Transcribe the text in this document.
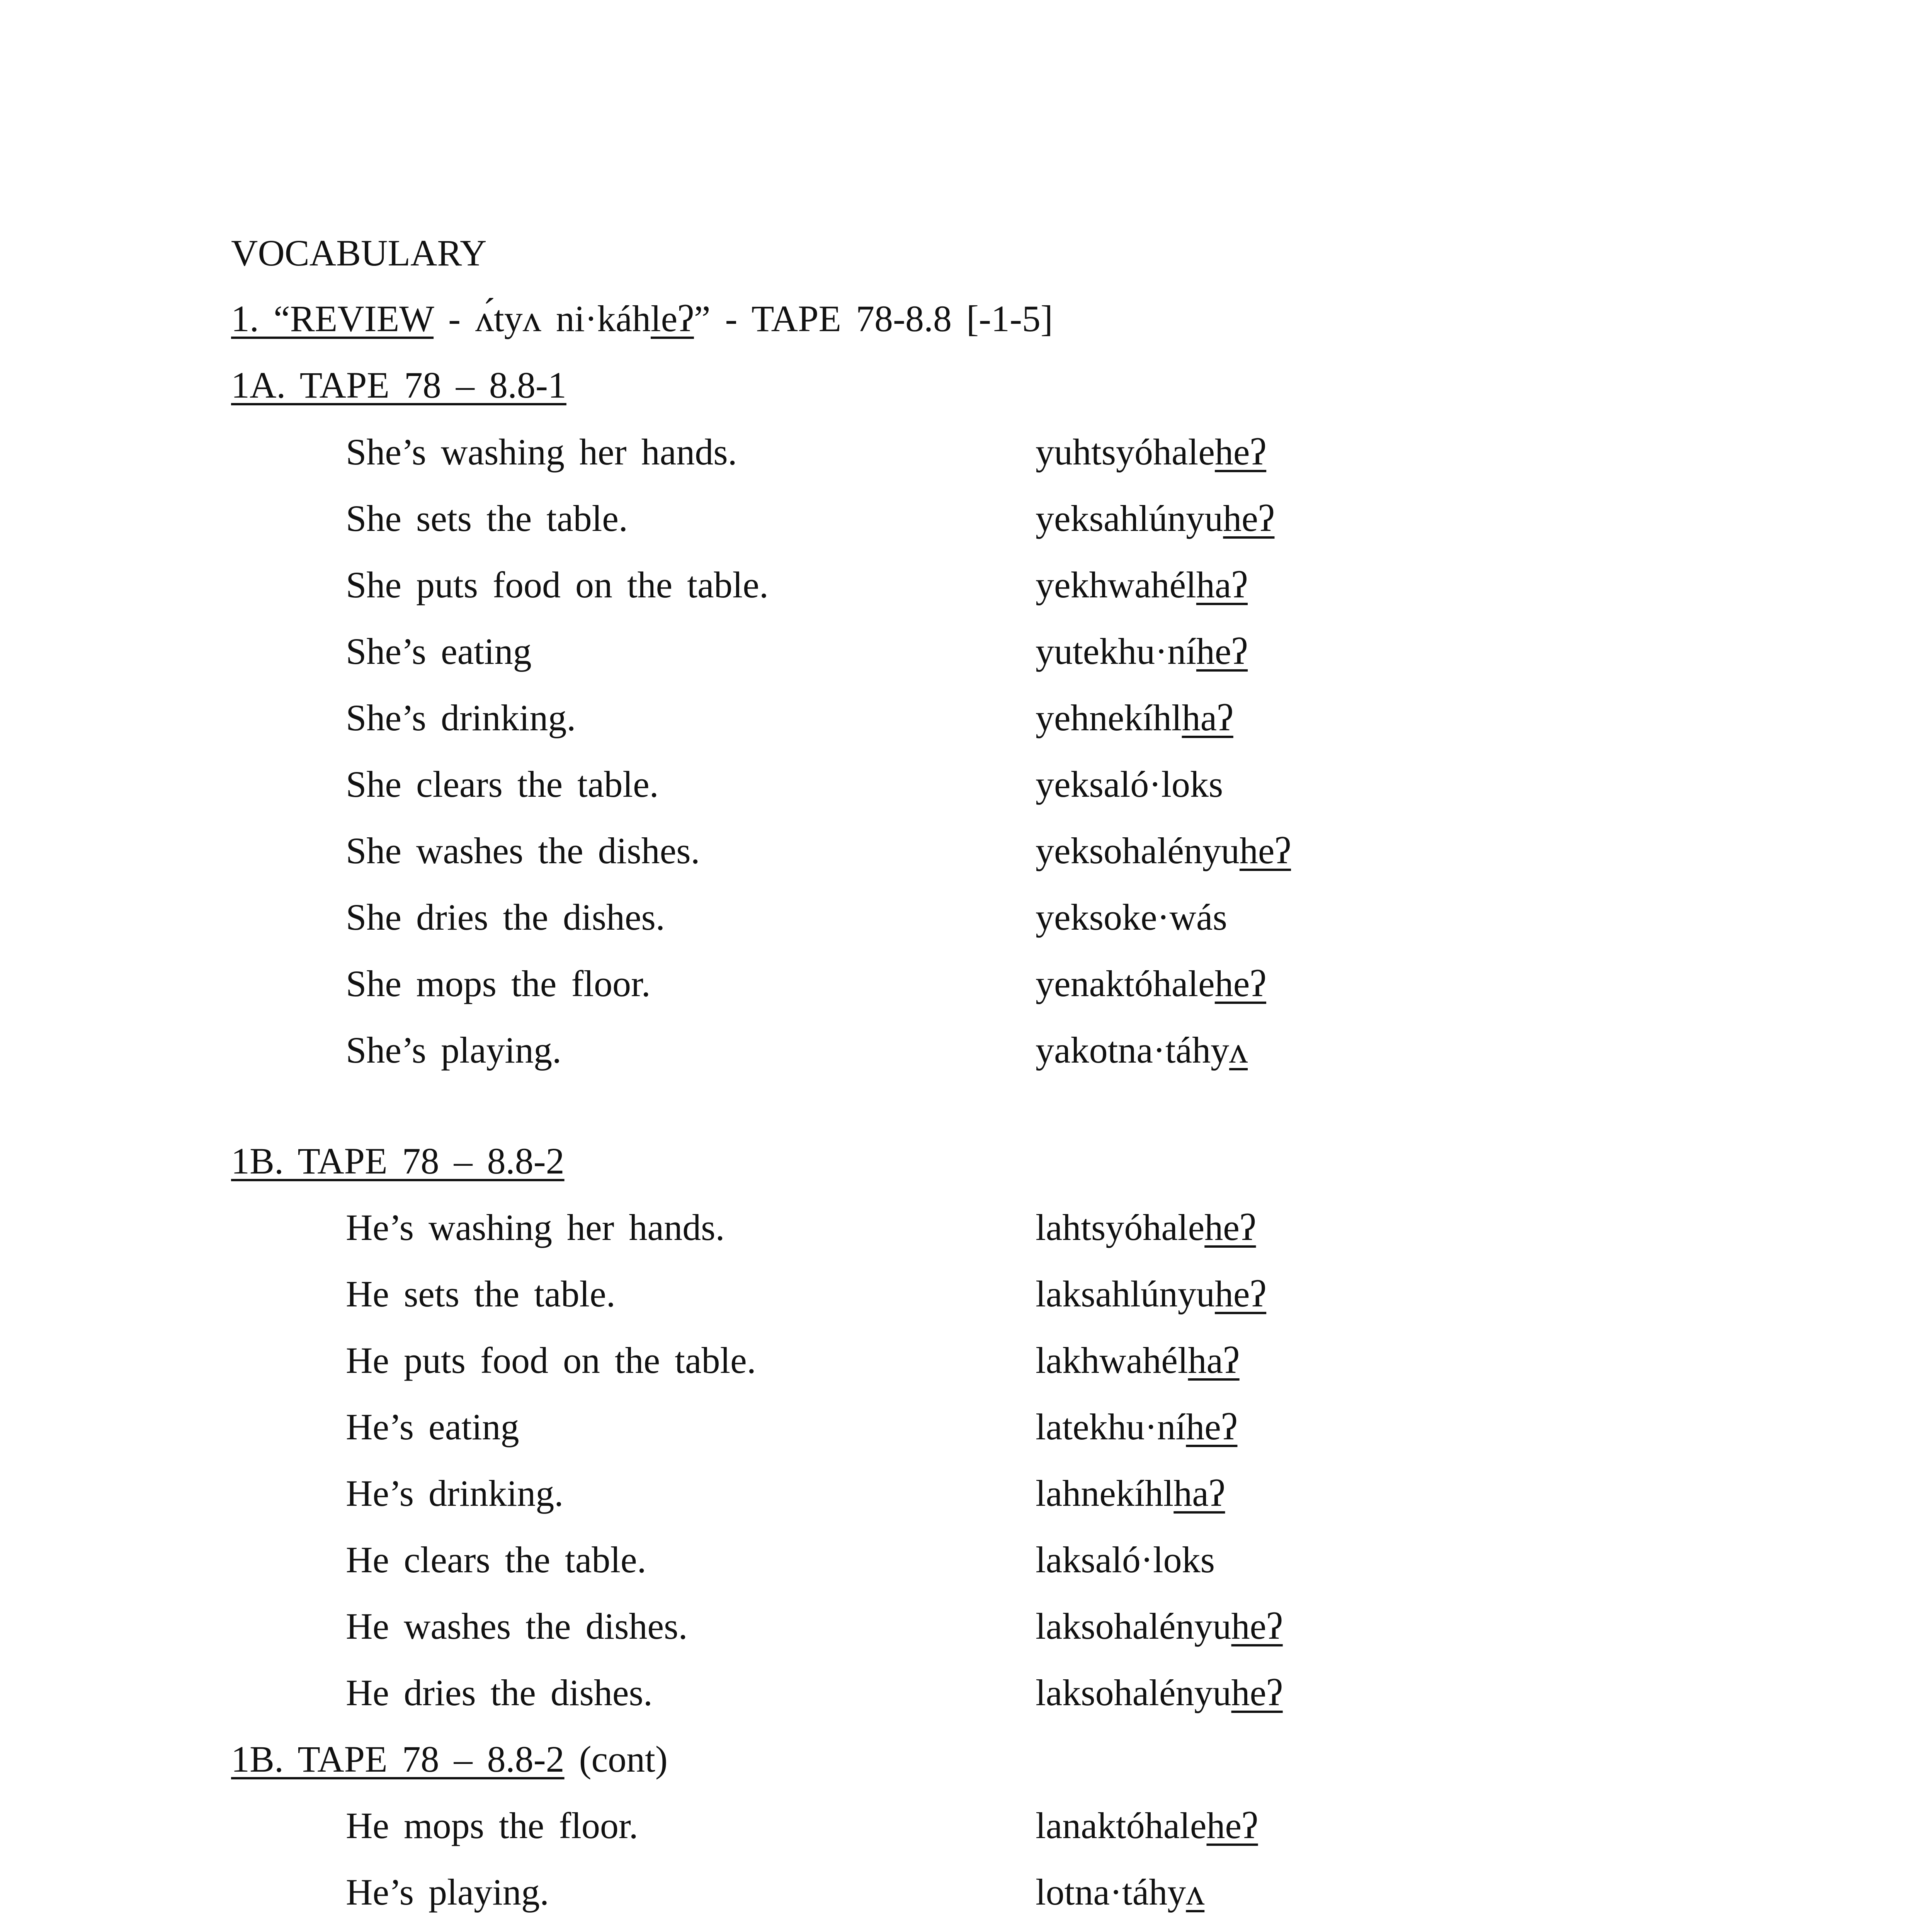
VOCABULARY
1. “REVIEW - ʌ́tyʌ ni·káhleʔ” - TAPE 78-8.8 [-1-5]
1A. TAPE 78 – 8.8-1
She’s washing her hands.	yuhtsyóhaleheʔ
She sets the table.	yeksahlúnyuheʔ
She puts food on the table.	yekhwahélhaʔ
She’s eating	yutekhu·níheʔ
She’s drinking.	yehnekíhlhaʔ
She clears the table.	yeksaló·loks
She washes the dishes.	yeksohalényuheʔ
She dries the dishes.	yeksoke·wás
She mops the floor.	yenaktóhaleheʔ
She’s playing.	yakotna·táhyʌ
1B. TAPE 78 – 8.8-2
He’s washing her hands.	lahtsyóhaleheʔ
He sets the table.	laksahlúnyuheʔ
He puts food on the table.	lakhwahélhaʔ
He’s eating	latekhu·níheʔ
He’s drinking.	lahnekíhlhaʔ
He clears the table.	laksaló·loks
He washes the dishes.	laksohalényuheʔ
He dries the dishes.	laksohalényuheʔ
1B. TAPE 78 – 8.8-2 (cont)
He mops the floor.	lanaktóhaleheʔ
He’s playing.	lotna·táhyʌ
